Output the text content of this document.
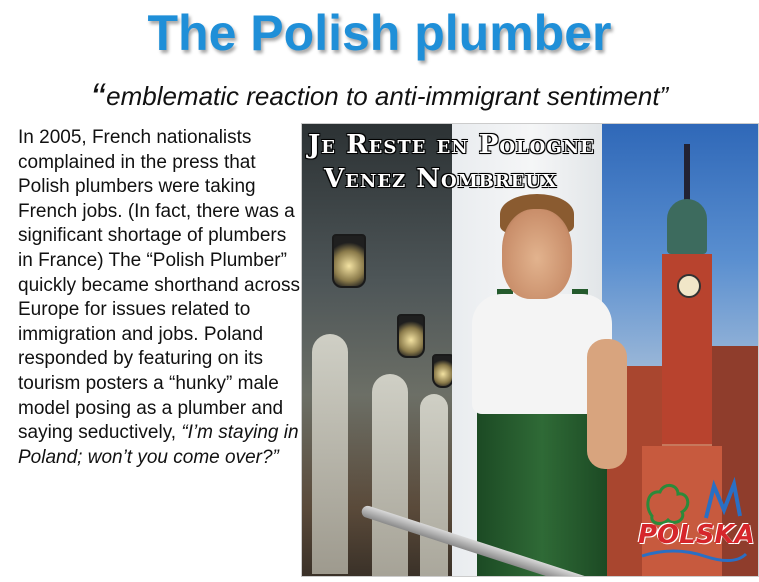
The Polish plumber
“emblematic reaction to anti-immigrant sentiment”
In 2005, French nationalists complained in the press that Polish plumbers were taking French jobs. (In fact, there was a significant shortage of plumbers in France) The “Polish Plumber” quickly became shorthand across Europe for issues related to immigration and jobs. Poland responded by featuring on its tourism posters a “hunky” male model posing as a plumber and saying seductively, “I’m staying in Poland; won’t you come over?”
Je Reste en Pologne
Venez Nombreux
POLSKA
